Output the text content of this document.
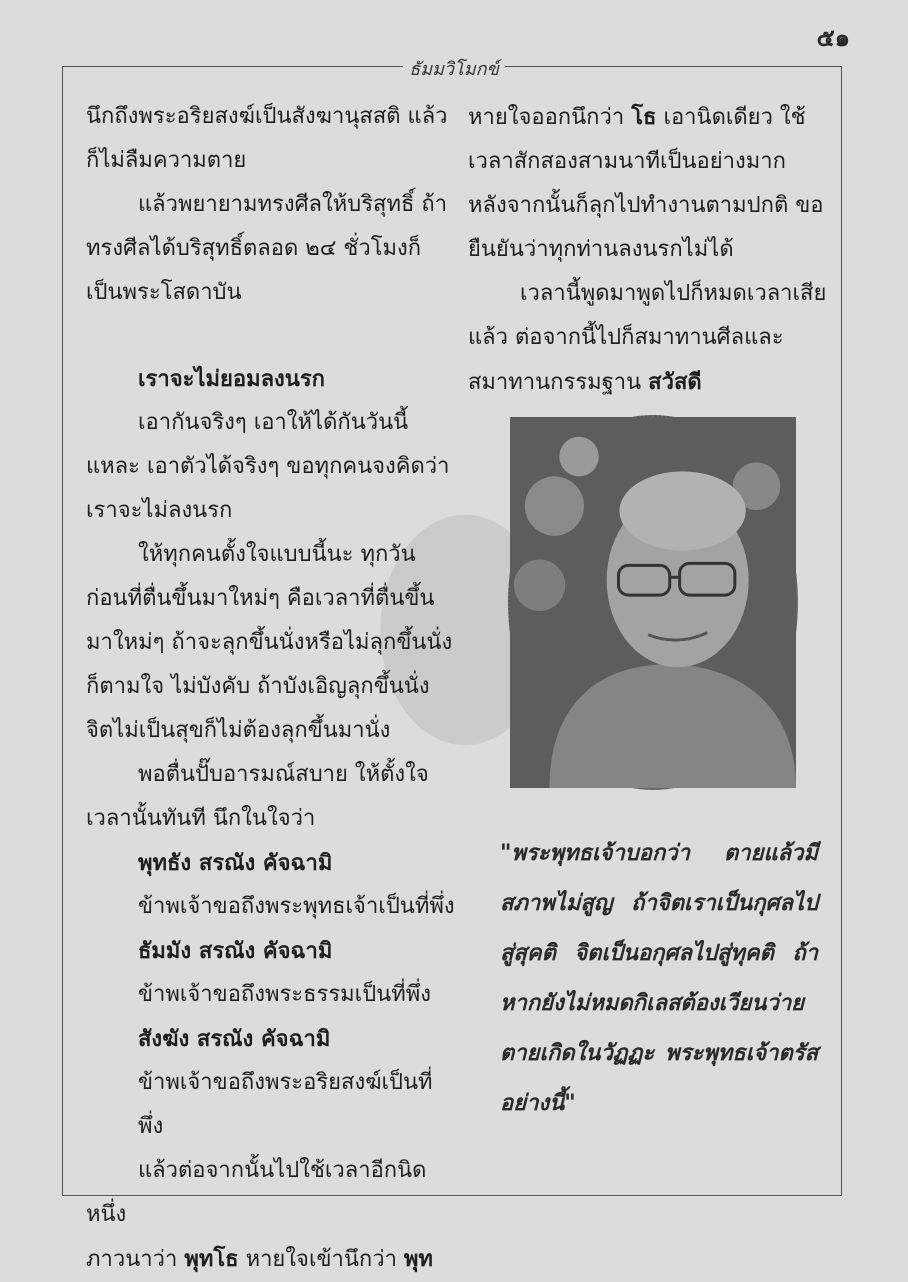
๕๑
ธัมมวิโมกข์

นึกถึงพระอริยสงฆ์เป็นสังฆานุสสติ แล้วก็ไม่ลืมความตาย

แล้วพยายามทรงศีลให้บริสุทธิ์ ถ้าทรงศีลได้บริสุทธิ์ตลอด ๒๔ ชั่วโมงก็เป็นพระโสดาบัน

เราจะไม่ยอมลงนรก

เอากันจริงๆ เอาให้ได้กันวันนี้แหละ เอาตัวได้จริงๆ ขอทุกคนจงคิดว่าเราจะไม่ลงนรก

ให้ทุกคนตั้งใจแบบนี้นะ ทุกวันก่อนที่ตื่นขึ้นมาใหม่ๆ คือเวลาที่ตื่นขึ้นมาใหม่ๆ ถ้าจะลุกขึ้นนั่งหรือไม่ลุกขึ้นนั่งก็ตามใจ ไม่บังคับ ถ้าบังเอิญลุกขึ้นนั่งจิตไม่เป็นสุขก็ไม่ต้องลุกขึ้นมานั่ง

พอตื่นปั๊บอารมณ์สบาย ให้ตั้งใจเวลานั้นทันที นึกในใจว่า

พุทธัง สรณัง คัจฉามิ

ข้าพเจ้าขอถึงพระพุทธเจ้าเป็นที่พึ่ง

ธัมมัง สรณัง คัจฉามิ

ข้าพเจ้าขอถึงพระธรรมเป็นที่พึ่ง

สังฆัง สรณัง คัจฉามิ

ข้าพเจ้าขอถึงพระอริยสงฆ์เป็นที่พึ่ง

แล้วต่อจากนั้นไปใช้เวลาอีกนิดหนึ่ง

ภาวนาว่า พุทโธ หายใจเข้านึกว่า พุท

หายใจออกนึกว่า โธ เอานิดเดียว ใช้เวลาสักสองสามนาทีเป็นอย่างมาก หลังจากนั้นก็ลุกไปทำงานตามปกติ ขอยืนยันว่าทุกท่านลงนรกไม่ได้

เวลานี้พูดมาพูดไปก็หมดเวลาเสีย แล้ว ต่อจากนี้ไปก็สมาทานศีลและสมาทานกรรมฐาน สวัสดี

"พระพุทธเจ้าบอกว่า ตายแล้วมีสภาพไม่สูญ ถ้าจิตเราเป็นกุศลไปสู่สุคติ จิตเป็นอกุศลไปสู่ทุคติ ถ้าหากยังไม่หมดกิเลสต้องเวียนว่ายตายเกิดในวัฏฏะ พระพุทธเจ้าตรัสอย่างนี้"
